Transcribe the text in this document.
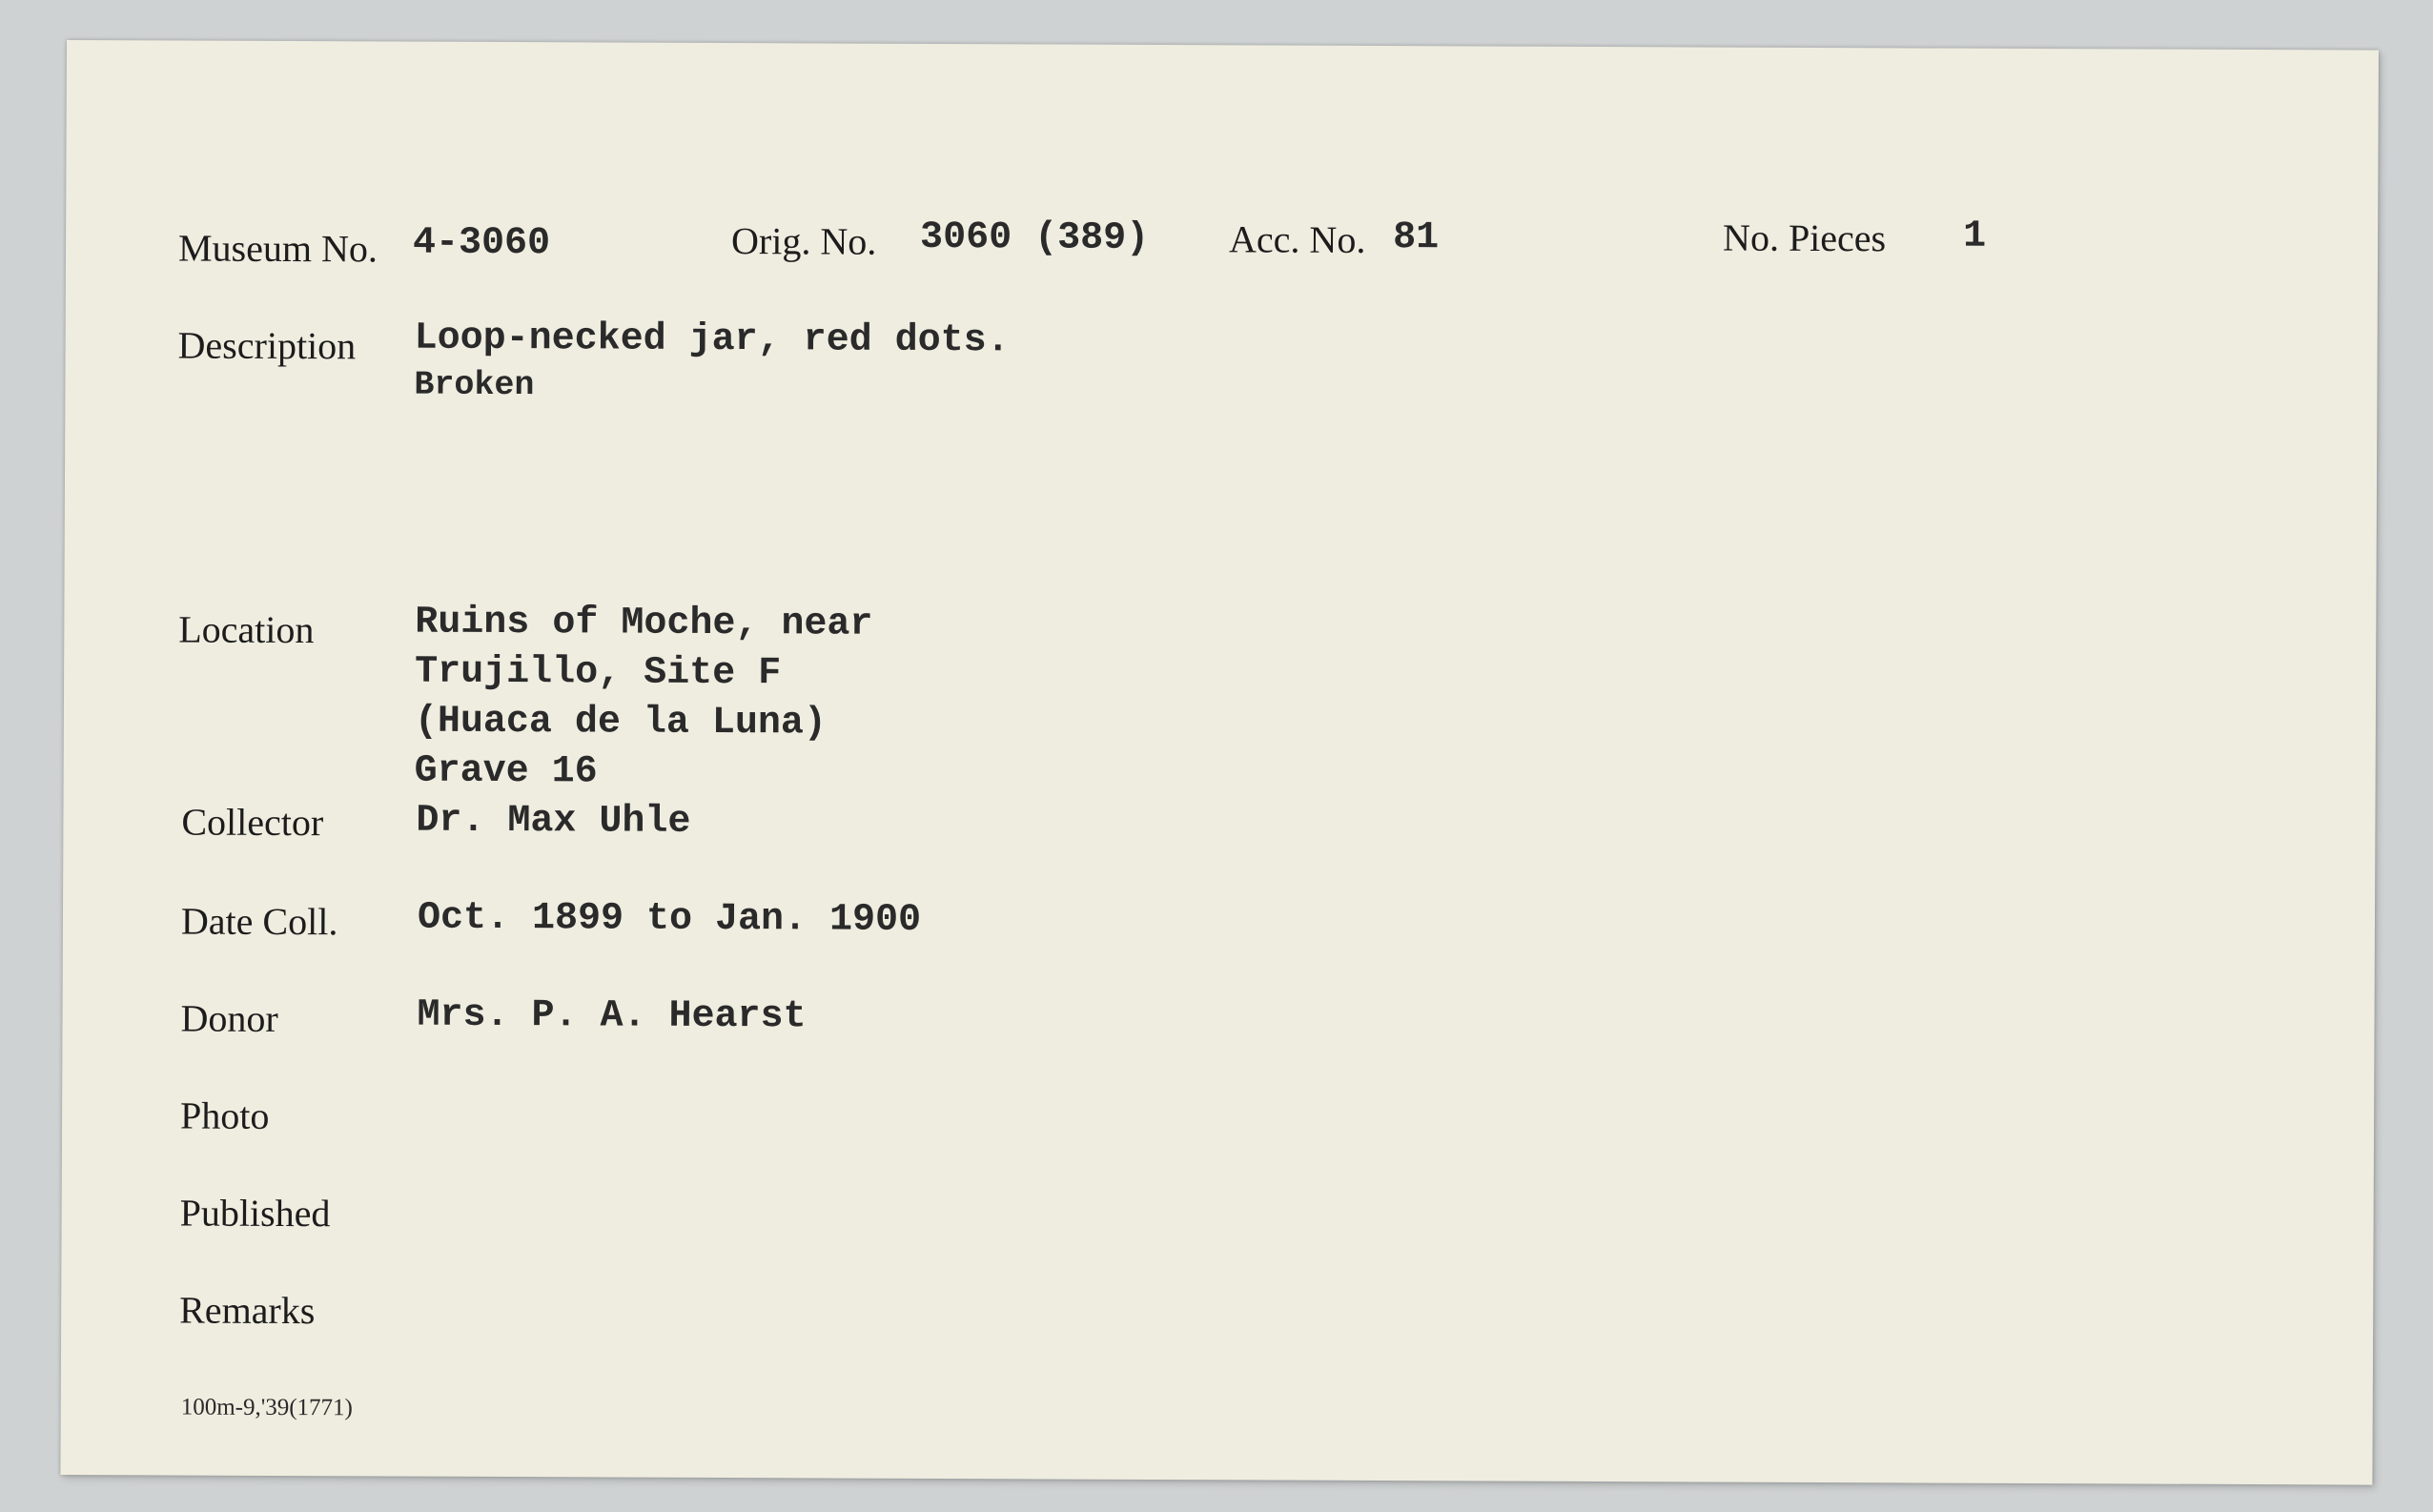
Museum No. 4-3060	Orig. No. 3060 (389) Acc. No. 81	No. Pieces 1
Description Loop-necked jar, red dots.
Broken
Location	Ruins of Moche, near
Trujillo, Site F
(Huaca de la Luna)
Grave 16
Collector Dr. Max Uhle
Date Coll. Oct. 1899 to Jan. 1900
Donor	Mrs. P. A. Hearst
Photo
Published
Remarks
100m-9,'39(1771)
